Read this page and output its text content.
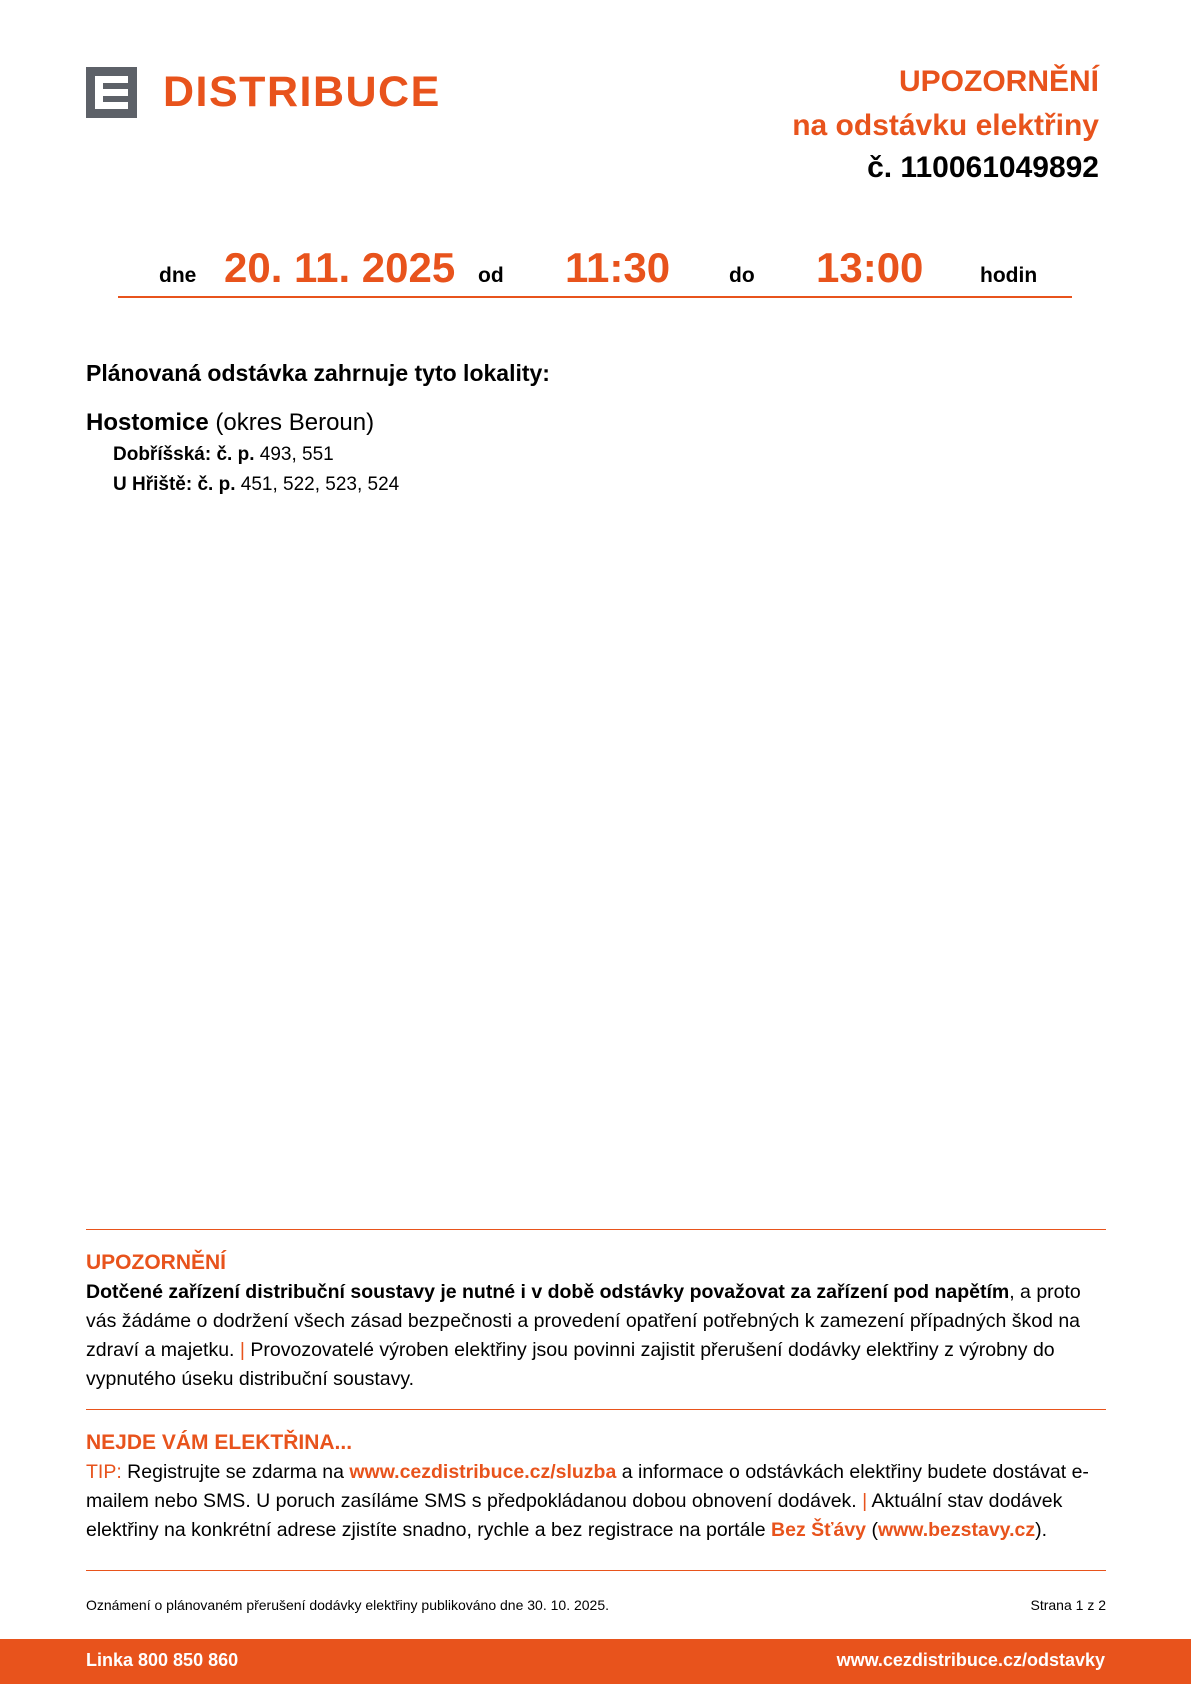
DISTRIBUCE	UPOZORNĚNÍ
na odstávku elektřiny
č. 110061049892
dne 20. 11. 2025 od 11:30	do 13:00	hodin
Plánovaná odstávka zahrnuje tyto lokality:
Hostomice (okres Beroun)
Dobříšská: č. p. 493, 551
U Hřiště: č. p. 451, 522, 523, 524
UPOZORNĚNÍ
Dotčené zařízení distribuční soustavy je nutné i v době odstávky považovat za zařízení pod napětím, a proto vás žádáme o dodržení všech zásad bezpečnosti a provedení opatření potřebných k zamezení případných škod na zdraví a majetku. | Provozovatelé výroben elektřiny jsou povinni zajistit přerušení dodávky elektřiny z výrobny do vypnutého úseku distribuční soustavy.
NEJDE VÁM ELEKTŘINA...
TIP: Registrujte se zdarma na www.cezdistribuce.cz/sluzba a informace o odstávkách elektřiny budete dostávat e-mailem nebo SMS. U poruch zasíláme SMS s předpokládanou dobou obnovení dodávek. | Aktuální stav dodávek elektřiny na konkrétní adrese zjistíte snadno, rychle a bez registrace na portále Bez Šťávy (www.bezstavy.cz).
Oznámení o plánovaném přerušení dodávky elektřiny publikováno dne 30. 10. 2025.	Strana 1 z 2
Linka 800 850 860	www.cezdistribuce.cz/odstavky
